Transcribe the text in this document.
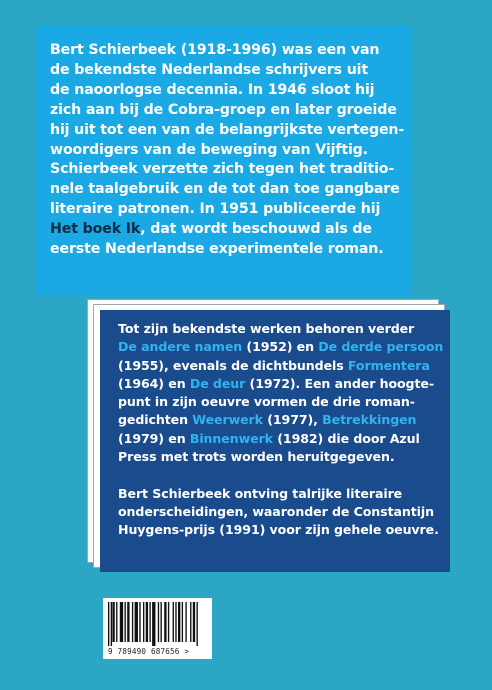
Bert Schierbeek (1918-1996) was een van
de bekendste Nederlandse schrijvers uit
de naoorlogse decennia. In 1946 sloot hij
zich aan bij de Cobra-groep en later groeide
hij uit tot een van de belangrijkste vertegen-
woordigers van de beweging van Vijftig.
Schierbeek verzette zich tegen het traditio-
nele taalgebruik en de tot dan toe gangbare
literaire patronen. In 1951 publiceerde hij
Het boek Ik, dat wordt beschouwd als de
eerste Nederlandse experimentele roman.
Tot zijn bekendste werken behoren verder
De andere namen (1952) en De derde persoon
(1955), evenals de dichtbundels Formentera
(1964) en De deur (1972). Een ander hoogte-
punt in zijn oeuvre vormen de drie roman-
gedichten Weerwerk (1977), Betrekkingen
(1979) en Binnenwerk (1982) die door Azul
Press met trots worden heruitgegeven.
Bert Schierbeek ontving talrijke literaire
onderscheidingen, waaronder de Constantijn
Huygens-prijs (1991) voor zijn gehele oeuvre.
9 789490 687656 >
